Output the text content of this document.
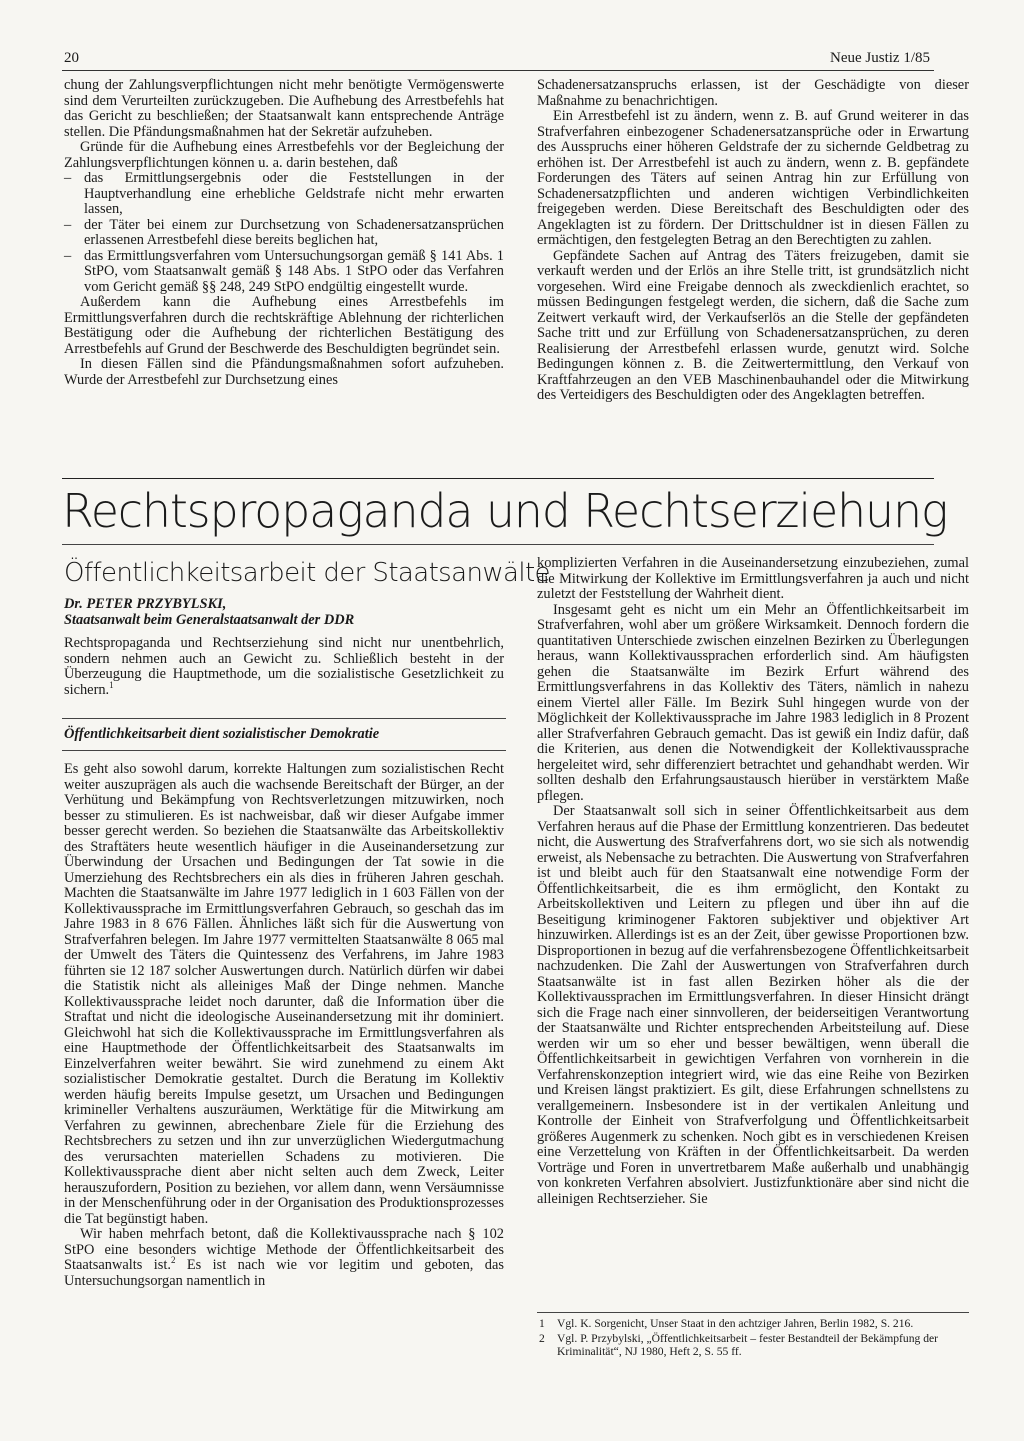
20	Neue Justiz 1/85

chung der Zahlungsverpflichtungen nicht mehr benötigte Vermögenswerte sind dem Verurteilten zurückzugeben. Die Aufhebung des Arrestbefehls hat das Gericht zu beschließen; der Staatsanwalt kann entsprechende Anträge stellen. Die Pfändungsmaßnahmen hat der Sekretär aufzuheben.

Gründe für die Aufhebung eines Arrestbefehls vor der Begleichung der Zahlungsverpflichtungen können u. a. darin bestehen, daß

– das Ermittlungsergebnis oder die Feststellungen in der Hauptverhandlung eine erhebliche Geldstrafe nicht mehr erwarten lassen,
– der Täter bei einem zur Durchsetzung von Schadenersatzansprüchen erlassenen Arrestbefehl diese bereits beglichen hat,
– das Ermittlungsverfahren vom Untersuchungsorgan gemäß § 141 Abs. 1 StPO, vom Staatsanwalt gemäß § 148 Abs. 1 StPO oder das Verfahren vom Gericht gemäß §§ 248, 249 StPO endgültig eingestellt wurde.

Außerdem kann die Aufhebung eines Arrestbefehls im Ermittlungsverfahren durch die rechtskräftige Ablehnung der richterlichen Bestätigung oder die Aufhebung der richterlichen Bestätigung des Arrestbefehls auf Grund der Beschwerde des Beschuldigten begründet sein.

In diesen Fällen sind die Pfändungsmaßnahmen sofort aufzuheben. Wurde der Arrestbefehl zur Durchsetzung eines

Schadenersatzanspruchs erlassen, ist der Geschädigte von dieser Maßnahme zu benachrichtigen.

Ein Arrestbefehl ist zu ändern, wenn z. B. auf Grund weiterer in das Strafverfahren einbezogener Schadenersatzansprüche oder in Erwartung des Ausspruchs einer höheren Geldstrafe der zu sichernde Geldbetrag zu erhöhen ist. Der Arrestbefehl ist auch zu ändern, wenn z. B. gepfändete Forderungen des Täters auf seinen Antrag hin zur Erfüllung von Schadenersatzpflichten und anderen wichtigen Verbindlichkeiten freigegeben werden. Diese Bereitschaft des Beschuldigten oder des Angeklagten ist zu fördern. Der Drittschuldner ist in diesen Fällen zu ermächtigen, den festgelegten Betrag an den Berechtigten zu zahlen.

Gepfändete Sachen auf Antrag des Täters freizugeben, damit sie verkauft werden und der Erlös an ihre Stelle tritt, ist grundsätzlich nicht vorgesehen. Wird eine Freigabe dennoch als zweckdienlich erachtet, so müssen Bedingungen festgelegt werden, die sichern, daß die Sache zum Zeitwert verkauft wird, der Verkaufserlös an die Stelle der gepfändeten Sache tritt und zur Erfüllung von Schadenersatzansprüchen, zu deren Realisierung der Arrestbefehl erlassen wurde, genutzt wird. Solche Bedingungen können z. B. die Zeitwertermittlung, den Verkauf von Kraftfahrzeugen an den VEB Maschinenbauhandel oder die Mitwirkung des Verteidigers des Beschuldigten oder des Angeklagten betreffen.

Rechtspropaganda und Rechtserziehung
Öffentlichkeitsarbeit der Staatsanwälte
Dr. PETER PRZYBYLSKI,
Staatsanwalt beim Generalstaatsanwalt der DDR

Rechtspropaganda und Rechtserziehung sind nicht nur unentbehrlich, sondern nehmen auch an Gewicht zu. Schließlich besteht in der Überzeugung die Hauptmethode, um die sozialistische Gesetzlichkeit zu sichern.$^1$

Öffentlichkeitsarbeit dient sozialistischer Demokratie

Es geht also sowohl darum, korrekte Haltungen zum sozialistischen Recht weiter auszuprägen als auch die wachsende Bereitschaft der Bürger, an der Verhütung und Bekämpfung von Rechtsverletzungen mitzuwirken, noch besser zu stimulieren. Es ist nachweisbar, daß wir dieser Aufgabe immer besser gerecht werden. So beziehen die Staatsanwälte das Arbeitskollektiv des Straftäters heute wesentlich häufiger in die Auseinandersetzung zur Überwindung der Ursachen und Bedingungen der Tat sowie in die Umerziehung des Rechtsbrechers ein als dies in früheren Jahren geschah. Machten die Staatsanwälte im Jahre 1977 lediglich in 1 603 Fällen von der Kollektivaussprache im Ermittlungsverfahren Gebrauch, so geschah das im Jahre 1983 in 8 676 Fällen. Ähnliches läßt sich für die Auswertung von Strafverfahren belegen. Im Jahre 1977 vermittelten Staatsanwälte 8 065 mal der Umwelt des Täters die Quintessenz des Verfahrens, im Jahre 1983 führten sie 12 187 solcher Auswertungen durch. Natürlich dürfen wir dabei die Statistik nicht als alleiniges Maß der Dinge nehmen. Manche Kollektivaussprache leidet noch darunter, daß die Information über die Straftat und nicht die ideologische Auseinandersetzung mit ihr dominiert. Gleichwohl hat sich die Kollektivaussprache im Ermittlungsverfahren als eine Hauptmethode der Öffentlichkeitsarbeit des Staatsanwalts im Einzelverfahren weiter bewährt. Sie wird zunehmend zu einem Akt sozialistischer Demokratie gestaltet. Durch die Beratung im Kollektiv werden häufig bereits Impulse gesetzt, um Ursachen und Bedingungen krimineller Verhaltens auszuräumen, Werktätige für die Mitwirkung am Verfahren zu gewinnen, abrechenbare Ziele für die Erziehung des Rechtsbrechers zu setzen und ihn zur unverzüglichen Wiedergutmachung des verursachten materiellen Schadens zu motivieren. Die Kollektivaussprache dient aber nicht selten auch dem Zweck, Leiter herauszufordern, Position zu beziehen, vor allem dann, wenn Versäumnisse in der Menschenführung oder in der Organisation des Produktionsprozesses die Tat begünstigt haben.

Wir haben mehrfach betont, daß die Kollektivaussprache nach § 102 StPO eine besonders wichtige Methode der Öffentlichkeitsarbeit des Staatsanwalts ist.$^2$ Es ist nach wie vor legitim und geboten, das Untersuchungsorgan namentlich in

komplizierten Verfahren in die Auseinandersetzung einzubeziehen, zumal die Mitwirkung der Kollektive im Ermittlungsverfahren ja auch und nicht zuletzt der Feststellung der Wahrheit dient.

Insgesamt geht es nicht um ein Mehr an Öffentlichkeitsarbeit im Strafverfahren, wohl aber um größere Wirksamkeit. Dennoch fordern die quantitativen Unterschiede zwischen einzelnen Bezirken zu Überlegungen heraus, wann Kollektivaussprachen erforderlich sind. Am häufigsten gehen die Staatsanwälte im Bezirk Erfurt während des Ermittlungsverfahrens in das Kollektiv des Täters, nämlich in nahezu einem Viertel aller Fälle. Im Bezirk Suhl hingegen wurde von der Möglichkeit der Kollektivaussprache im Jahre 1983 lediglich in 8 Prozent aller Strafverfahren Gebrauch gemacht. Das ist gewiß ein Indiz dafür, daß die Kriterien, aus denen die Notwendigkeit der Kollektivaussprache hergeleitet wird, sehr differenziert betrachtet und gehandhabt werden. Wir sollten deshalb den Erfahrungsaustausch hierüber in verstärktem Maße pflegen.

Der Staatsanwalt soll sich in seiner Öffentlichkeitsarbeit aus dem Verfahren heraus auf die Phase der Ermittlung konzentrieren. Das bedeutet nicht, die Auswertung des Strafverfahrens dort, wo sie sich als notwendig erweist, als Nebensache zu betrachten. Die Auswertung von Strafverfahren ist und bleibt auch für den Staatsanwalt eine notwendige Form der Öffentlichkeitsarbeit, die es ihm ermöglicht, den Kontakt zu Arbeitskollektiven und Leitern zu pflegen und über ihn auf die Beseitigung kriminogener Faktoren subjektiver und objektiver Art hinzuwirken. Allerdings ist es an der Zeit, über gewisse Proportionen bzw. Disproportionen in bezug auf die verfahrensbezogene Öffentlichkeitsarbeit nachzudenken. Die Zahl der Auswertungen von Strafverfahren durch Staatsanwälte ist in fast allen Bezirken höher als die der Kollektivaussprachen im Ermittlungsverfahren. In dieser Hinsicht drängt sich die Frage nach einer sinnvolleren, der beiderseitigen Verantwortung der Staatsanwälte und Richter entsprechenden Arbeitsteilung auf. Diese werden wir um so eher und besser bewältigen, wenn überall die Öffentlichkeitsarbeit in gewichtigen Verfahren von vornherein in die Verfahrenskonzeption integriert wird, wie das eine Reihe von Bezirken und Kreisen längst praktiziert. Es gilt, diese Erfahrungen schnellstens zu verallgemeinern. Insbesondere ist in der vertikalen Anleitung und Kontrolle der Einheit von Strafverfolgung und Öffentlichkeitsarbeit größeres Augenmerk zu schenken. Noch gibt es in verschiedenen Kreisen eine Verzettelung von Kräften in der Öffentlichkeitsarbeit. Da werden Vorträge und Foren in unvertretbarem Maße außerhalb und unabhängig von konkreten Verfahren absolviert. Justizfunktionäre aber sind nicht die alleinigen Rechtserzieher. Sie

1 Vgl. K. Sorgenicht, Unser Staat in den achtziger Jahren, Berlin 1982, S. 216.
2 Vgl. P. Przybylski, „Öffentlichkeitsarbeit – fester Bestandteil der Bekämpfung der Kriminalität“, NJ 1980, Heft 2, S. 55 ff.
